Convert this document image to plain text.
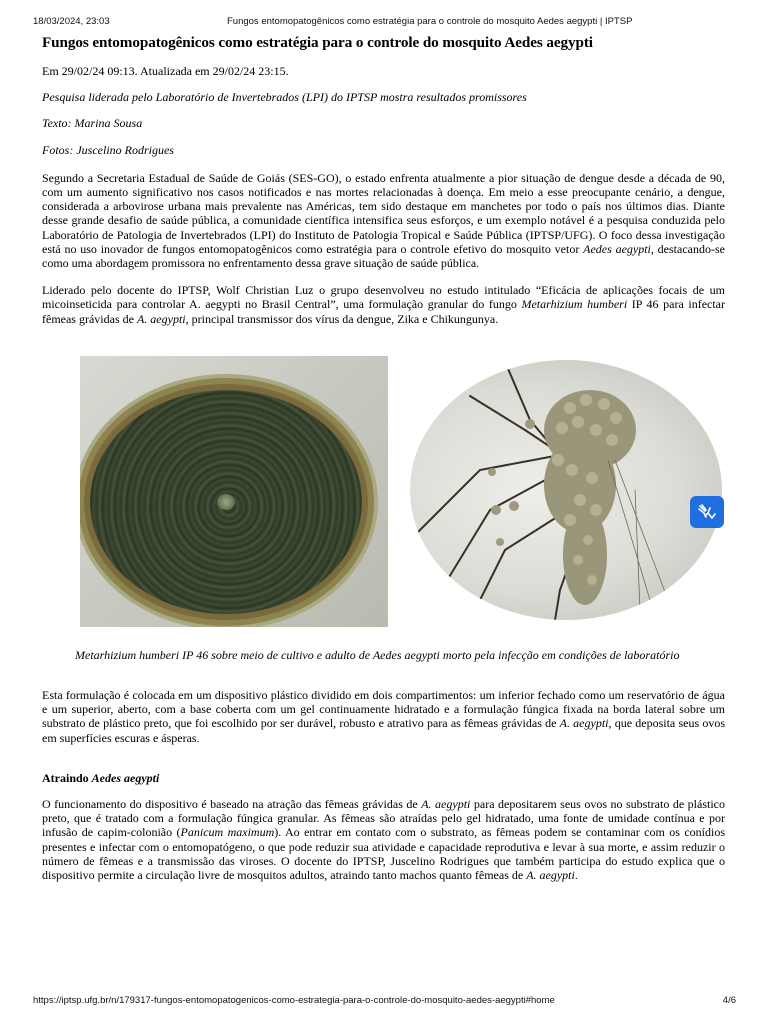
18/03/2024, 23:03	Fungos entomopatogênicos como estratégia para o controle do mosquito Aedes aegypti | IPTSP
Fungos entomopatogênicos como estratégia para o controle do mosquito Aedes aegypti

Em 29/02/24 09:13. Atualizada em 29/02/24 23:15.

Pesquisa liderada pelo Laboratório de Invertebrados (LPI) do IPTSP mostra resultados promissores

Texto: Marina Sousa

Fotos: Juscelino Rodrigues

Segundo a Secretaria Estadual de Saúde de Goiás (SES-GO), o estado enfrenta atualmente a pior situação de dengue desde a década de 90, com um aumento significativo nos casos notificados e nas mortes relacionadas à doença. Em meio a esse preocupante cenário, a dengue, considerada a arbovirose urbana mais prevalente nas Américas, tem sido destaque em manchetes por todo o país nos últimos dias. Diante desse grande desafio de saúde pública, a comunidade científica intensifica seus esforços, e um exemplo notável é a pesquisa conduzida pelo Laboratório de Patologia de Invertebrados (LPI) do Instituto de Patologia Tropical e Saúde Pública (IPTSP/UFG). O foco dessa investigação está no uso inovador de fungos entomopatogênicos como estratégia para o controle efetivo do mosquito vetor Aedes aegypti, destacando-se como uma abordagem promissora no enfrentamento dessa grave situação de saúde pública.

Liderado pelo docente do IPTSP, Wolf Christian Luz o grupo desenvolveu no estudo intitulado “Eficácia de aplicações focais de um micoinseticida para controlar A. aegypti no Brasil Central”, uma formulação granular do fungo Metarhizium humberi IP 46 para infectar fêmeas grávidas de A. aegypti, principal transmissor dos vírus da dengue, Zika e Chikungunya.

Metarhizium humberi IP 46 sobre meio de cultivo e adulto de Aedes aegypti morto pela infecção em condições de laboratório

Esta formulação é colocada em um dispositivo plástico dividido em dois compartimentos: um inferior fechado como um reservatório de água e um superior, aberto, com a base coberta com um gel continuamente hidratado e a formulação fúngica fixada na borda lateral sobre um substrato de plástico preto, que foi escolhido por ser durável, robusto e atrativo para as fêmeas grávidas de A. aegypti, que deposita seus ovos em superfícies escuras e ásperas.

Atraindo Aedes aegypti

O funcionamento do dispositivo é baseado na atração das fêmeas grávidas de A. aegypti para depositarem seus ovos no substrato de plástico preto, que é tratado com a formulação fúngica granular. As fêmeas são atraídas pelo gel hidratado, uma fonte de umidade contínua e por infusão de capim-colonião (Panicum maximum). Ao entrar em contato com o substrato, as fêmeas podem se contaminar com os conídios presentes e infectar com o entomopatógeno, o que pode reduzir sua atividade e capacidade reprodutiva e levar à sua morte, e assim reduzir o número de fêmeas e a transmissão das viroses. O docente do IPTSP, Juscelino Rodrigues que também participa do estudo explica que o dispositivo permite a circulação livre de mosquitos adultos, atraindo tanto machos quanto fêmeas de A. aegypti.

https://iptsp.ufg.br/n/179317-fungos-entomopatogenicos-como-estrategia-para-o-controle-do-mosquito-aedes-aegypti#home	4/6
